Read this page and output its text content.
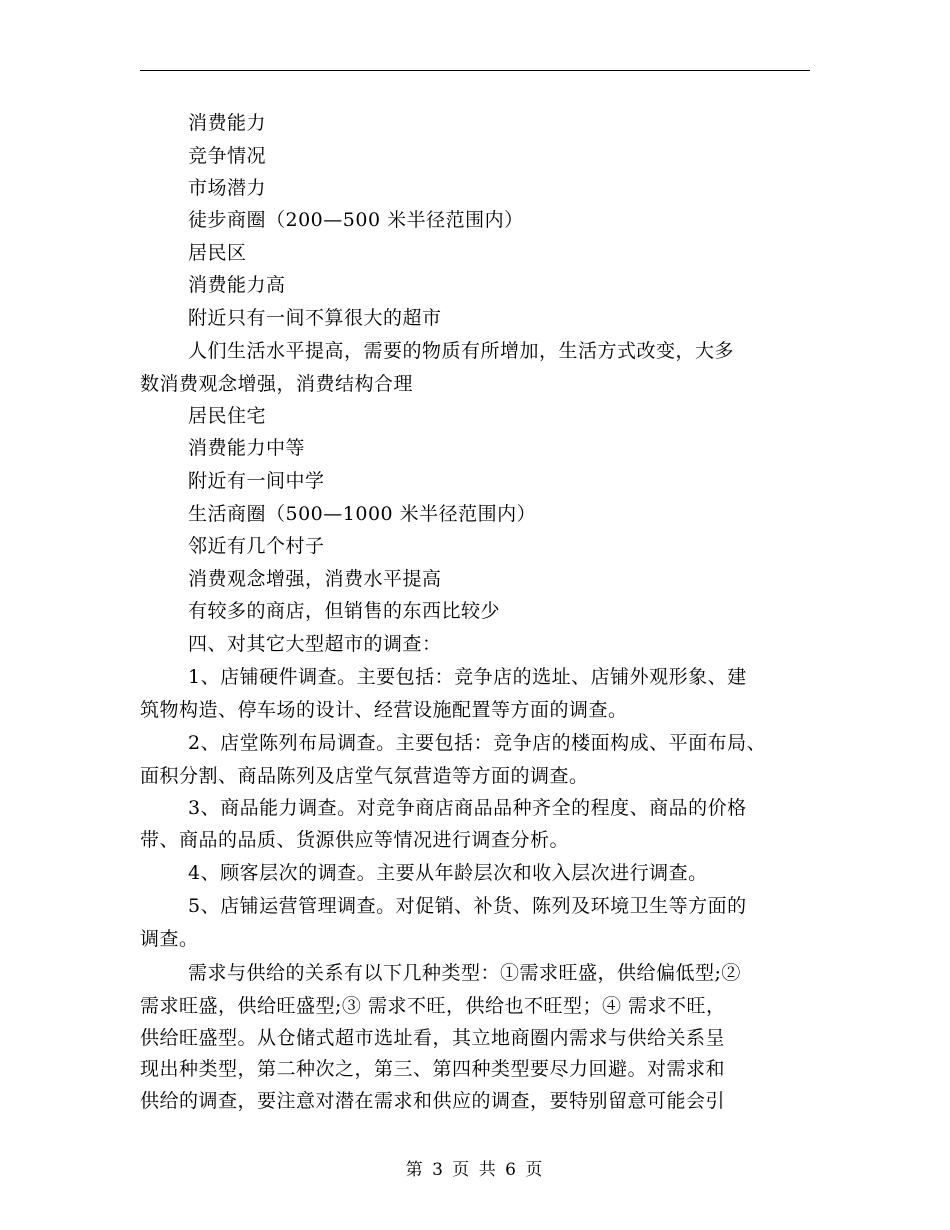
消费能力
竞争情况
市场潜力
徒步商圈（200—500 米半径范围内）
居民区
消费能力高
附近只有一间不算很大的超市
人们生活水平提高，需要的物质有所增加，生活方式改变，大多
数消费观念增强，消费结构合理
居民住宅
消费能力中等
附近有一间中学
生活商圈（500—1000 米半径范围内）
邻近有几个村子
消费观念增强，消费水平提高
有较多的商店，但销售的东西比较少
四、对其它大型超市的调查：
1、店铺硬件调查。主要包括：竞争店的选址、店铺外观形象、建
筑物构造、停车场的设计、经营设施配置等方面的调查。
2、店堂陈列布局调查。主要包括：竞争店的楼面构成、平面布局、
面积分割、商品陈列及店堂气氛营造等方面的调查。
3、商品能力调查。对竞争商店商品品种齐全的程度、商品的价格
带、商品的品质、货源供应等情况进行调查分析。
4、顾客层次的调查。主要从年龄层次和收入层次进行调查。
5、店铺运营管理调查。对促销、补货、陈列及环境卫生等方面的
调查。
需求与供给的关系有以下几种类型：①需求旺盛，供给偏低型;②
需求旺盛，供给旺盛型;③ 需求不旺，供给也不旺型；④ 需求不旺，
供给旺盛型。从仓储式超市选址看，其立地商圈内需求与供给关系呈
现出种类型，第二种次之，第三、第四种类型要尽力回避。对需求和
供给的调查，要注意对潜在需求和供应的调查，要特别留意可能会引
第 3 页 共 6 页
